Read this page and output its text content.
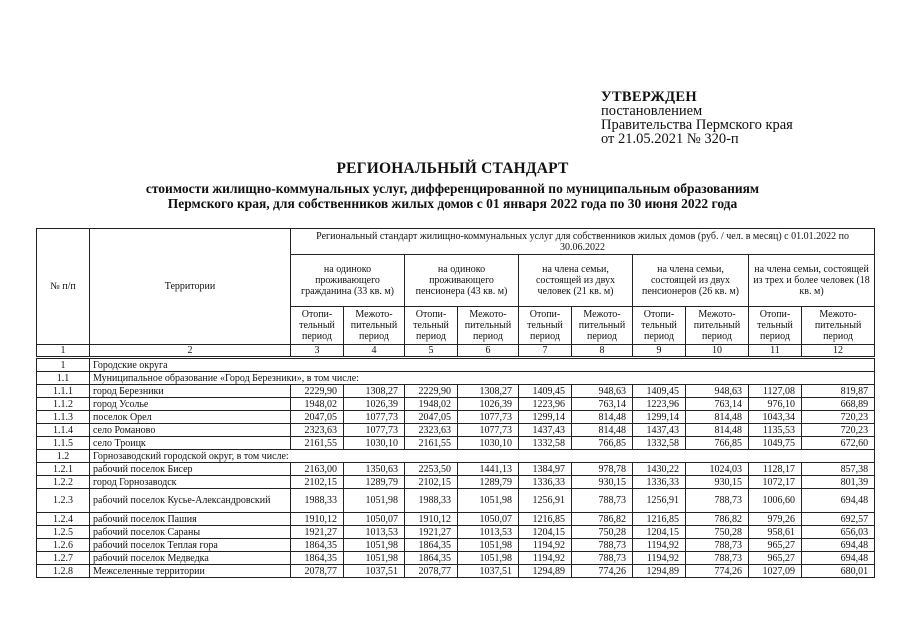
УТВЕРЖДЕН
постановлением
Правительства Пермского края
от 21.05.2021 № 320-п
РЕГИОНАЛЬНЫЙ СТАНДАРТ
стоимости жилищно-коммунальных услуг, дифференцированной по муниципальным образованиям
Пермского края, для собственников жилых домов с 01 января 2022 года по 30 июня 2022 года
№ п/п	Территории	Региональный стандарт жилищно-коммунальных услуг для собственников жилых домов (руб. / чел. в месяц) с 01.01.2022 по 30.06.2022									
		на одиноко проживающего гражданина (33 кв. м)		на одиноко проживающего пенсионера (43 кв. м)		на члена семьи, состоящей из двух человек (21 кв. м)		на члена семьи, состоящей из двух пенсионеров (26 кв. м)		на члена семьи, состоящей из трех и более человек (18 кв. м)	
		Отопи-тельный период	Межото-пительный период	Отопи-тельный период	Межото-пительный период	Отопи-тельный период	Межото-пительный период	Отопи-тельный период	Межото-пительный период	Отопи-тельный период	Межото-пительный период
1	2	3	4	5	6	7	8	9	10	11	12
1	Городские округа										
1.1	Муниципальное образование «Город Березники», в том числе:										
1.1.1	город Березники	2229,90	1308,27	2229,90	1308,27	1409,45	948,63	1409,45	948,63	1127,08	819,87
1.1.2	город Усолье	1948,02	1026,39	1948,02	1026,39	1223,96	763,14	1223,96	763,14	976,10	668,89
1.1.3	поселок Орел	2047,05	1077,73	2047,05	1077,73	1299,14	814,48	1299,14	814,48	1043,34	720,23
1.1.4	село Романово	2323,63	1077,73	2323,63	1077,73	1437,43	814,48	1437,43	814,48	1135,53	720,23
1.1.5	село Троицк	2161,55	1030,10	2161,55	1030,10	1332,58	766,85	1332,58	766,85	1049,75	672,60
1.2	Горнозаводский городской округ, в том числе:										
1.2.1	рабочий поселок Бисер	2163,00	1350,63	2253,50	1441,13	1384,97	978,78	1430,22	1024,03	1128,17	857,38
1.2.2	город Горнозаводск	2102,15	1289,79	2102,15	1289,79	1336,33	930,15	1336,33	930,15	1072,17	801,39
1.2.3	рабочий поселок Кусье-Александровский	1988,33	1051,98	1988,33	1051,98	1256,91	788,73	1256,91	788,73	1006,60	694,48
1.2.4	рабочий поселок Пашия	1910,12	1050,07	1910,12	1050,07	1216,85	786,82	1216,85	786,82	979,26	692,57
1.2.5	рабочий поселок Сараны	1921,27	1013,53	1921,27	1013,53	1204,15	750,28	1204,15	750,28	958,61	656,03
1.2.6	рабочий поселок Теплая гора	1864,35	1051,98	1864,35	1051,98	1194,92	788,73	1194,92	788,73	965,27	694,48
1.2.7	рабочий поселок Медведка	1864,35	1051,98	1864,35	1051,98	1194,92	788,73	1194,92	788,73	965,27	694,48
1.2.8	Межселенные территории	2078,77	1037,51	2078,77	1037,51	1294,89	774,26	1294,89	774,26	1027,09	680,01
